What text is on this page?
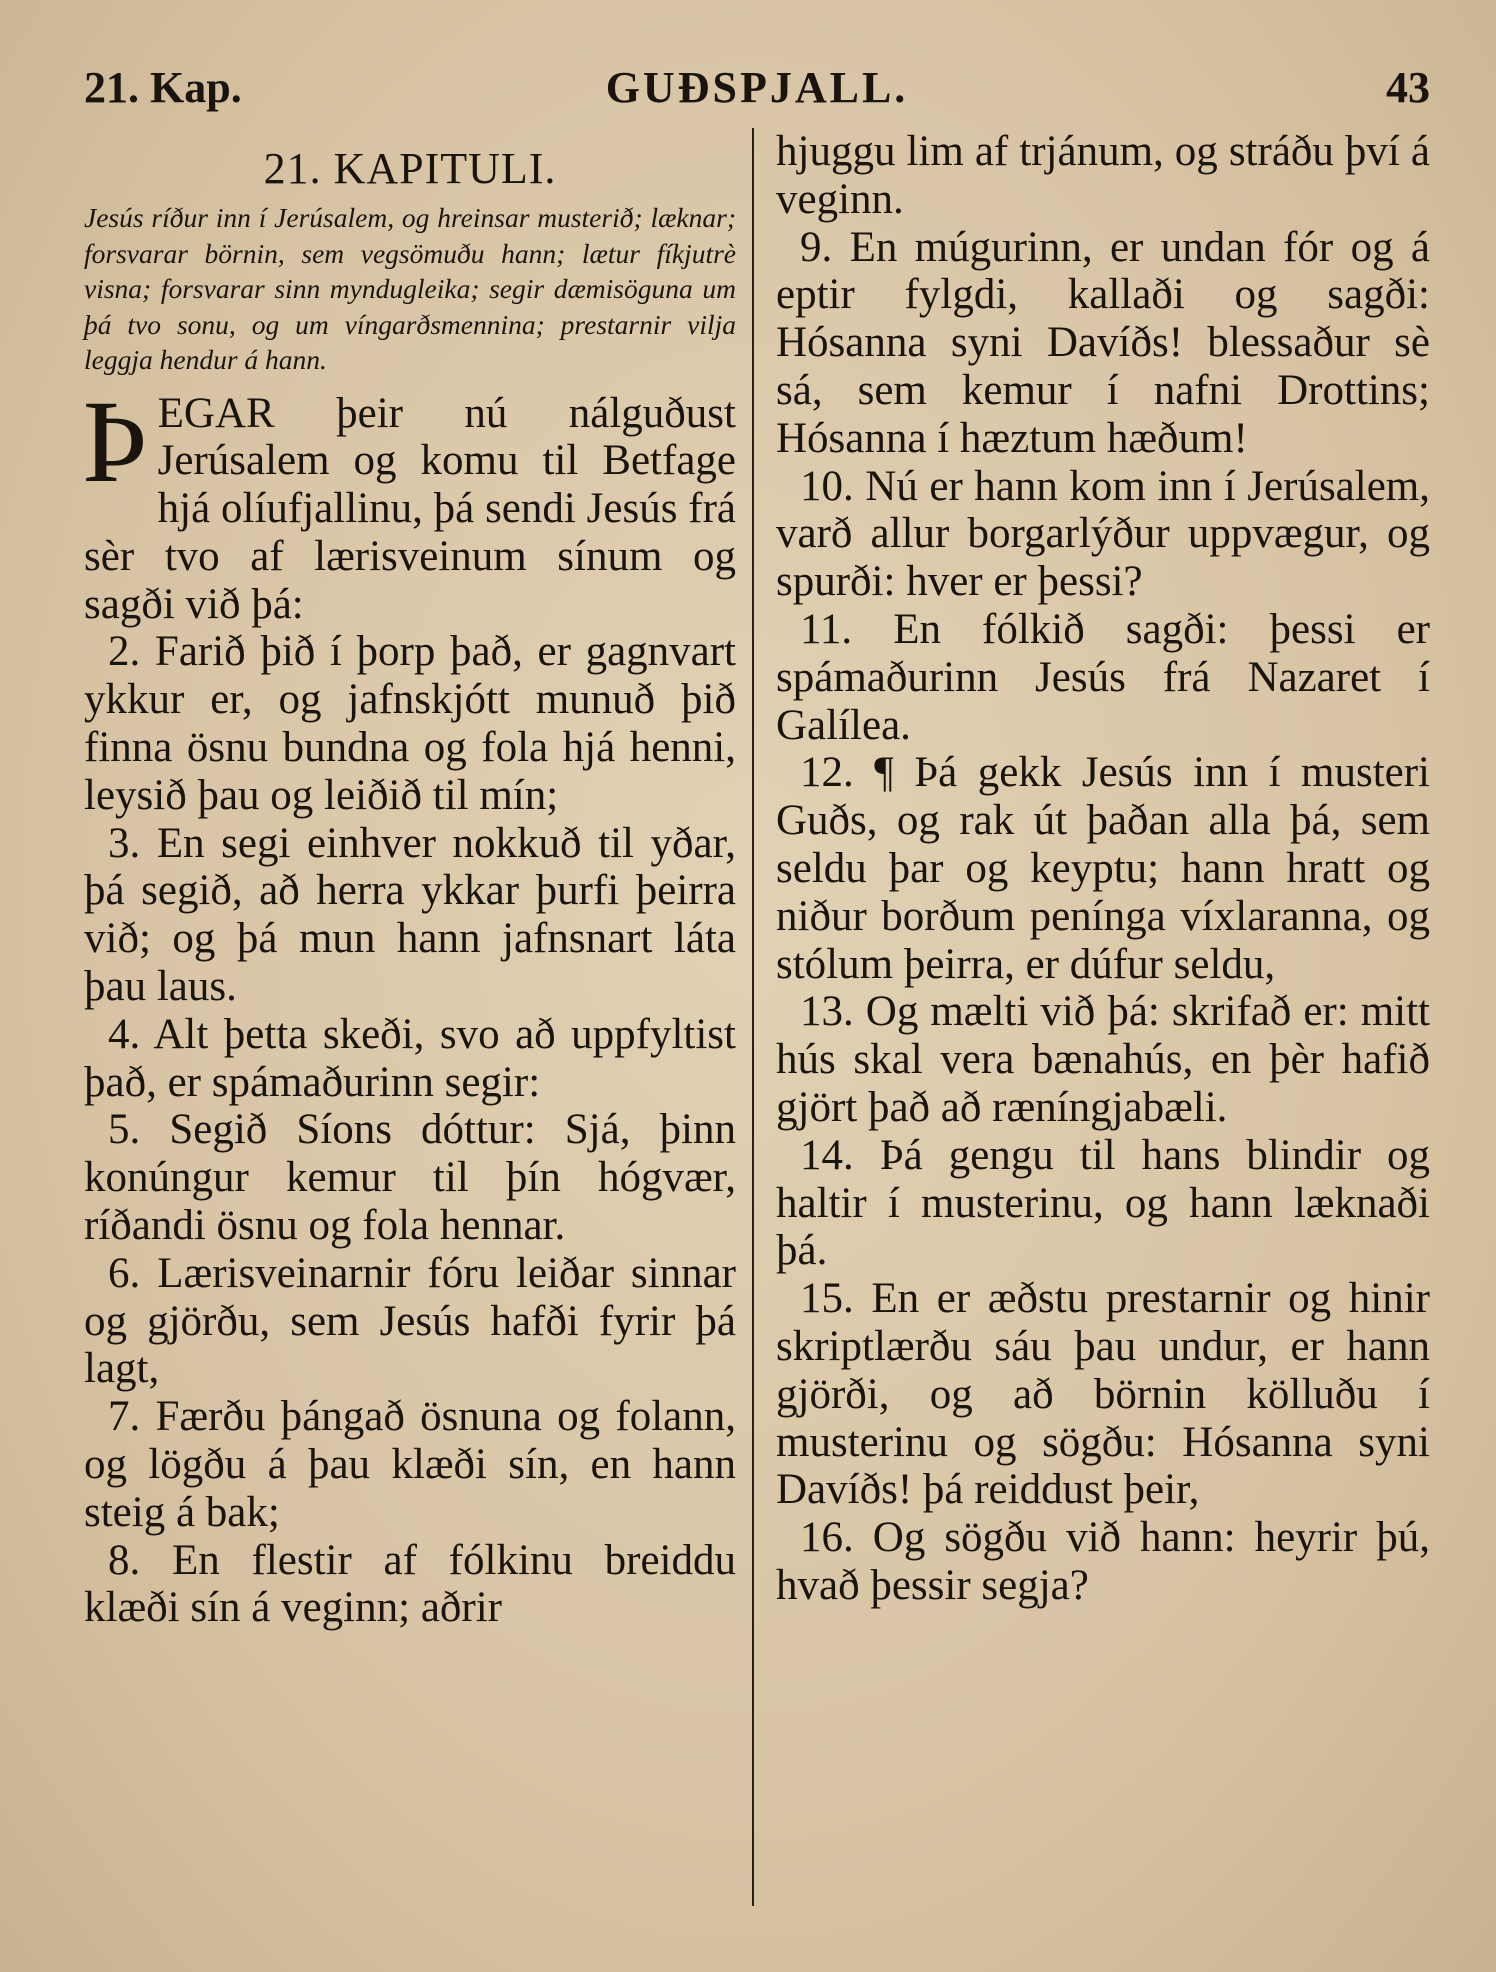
21. Kap.	GUÐSPJALL.	43
21. KAPITULI.
Jesús ríður inn í Jerúsalem, og hreinsar musterið; læknar; forsvarar börnin, sem vegsömuðu hann; lætur fíkjutrè visna; forsvarar sinn myndugleika; segir dæmisöguna um þá tvo sonu, og um víngarðsmennina; prestarnir vilja leggja hendur á hann.

ÞEGAR þeir nú nálguðust Jerúsalem og komu til Betfage hjá olíufjallinu, þá sendi Jesús frá sèr tvo af lærisveinum sínum og sagði við þá:

2. Farið þið í þorp það, er gagnvart ykkur er, og jafnskjótt munuð þið finna ösnu bundna og fola hjá henni, leysið þau og leiðið til mín;

3. En segi einhver nokkuð til yðar, þá segið, að herra ykkar þurfi þeirra við; og þá mun hann jafnsnart láta þau laus.

4. Alt þetta skeði, svo að uppfyltist það, er spámaðurinn segir:

5. Segið Síons dóttur: Sjá, þinn konúngur kemur til þín hógvær, ríðandi ösnu og fola hennar.

6. Lærisveinarnir fóru leiðar sinnar og gjörðu, sem Jesús hafði fyrir þá lagt,

7. Færðu þángað ösnuna og folann, og lögðu á þau klæði sín, en hann steig á bak;

8. En flestir af fólkinu breiddu klæði sín á veginn; aðrir

hjuggu lim af trjánum, og stráðu því á veginn.

9. En múgurinn, er undan fór og á eptir fylgdi, kallaði og sagði: Hósanna syni Davíðs! blessaður sè sá, sem kemur í nafni Drottins; Hósanna í hæztum hæðum!

10. Nú er hann kom inn í Jerúsalem, varð allur borgarlýður uppvægur, og spurði: hver er þessi?

11. En fólkið sagði: þessi er spámaðurinn Jesús frá Nazaret í Galílea.

12. ¶ Þá gekk Jesús inn í musteri Guðs, og rak út þaðan alla þá, sem seldu þar og keyptu; hann hratt og niður borðum penínga víxlaranna, og stólum þeirra, er dúfur seldu,

13. Og mælti við þá: skrifað er: mitt hús skal vera bænahús, en þèr hafið gjört það að ræníngjabæli.

14. Þá gengu til hans blindir og haltir í musterinu, og hann læknaði þá.

15. En er æðstu prestarnir og hinir skriptlærðu sáu þau undur, er hann gjörði, og að börnin kölluðu í musterinu og sögðu: Hósanna syni Davíðs! þá reiddust þeir,

16. Og sögðu við hann: heyrir þú, hvað þessir segja?
